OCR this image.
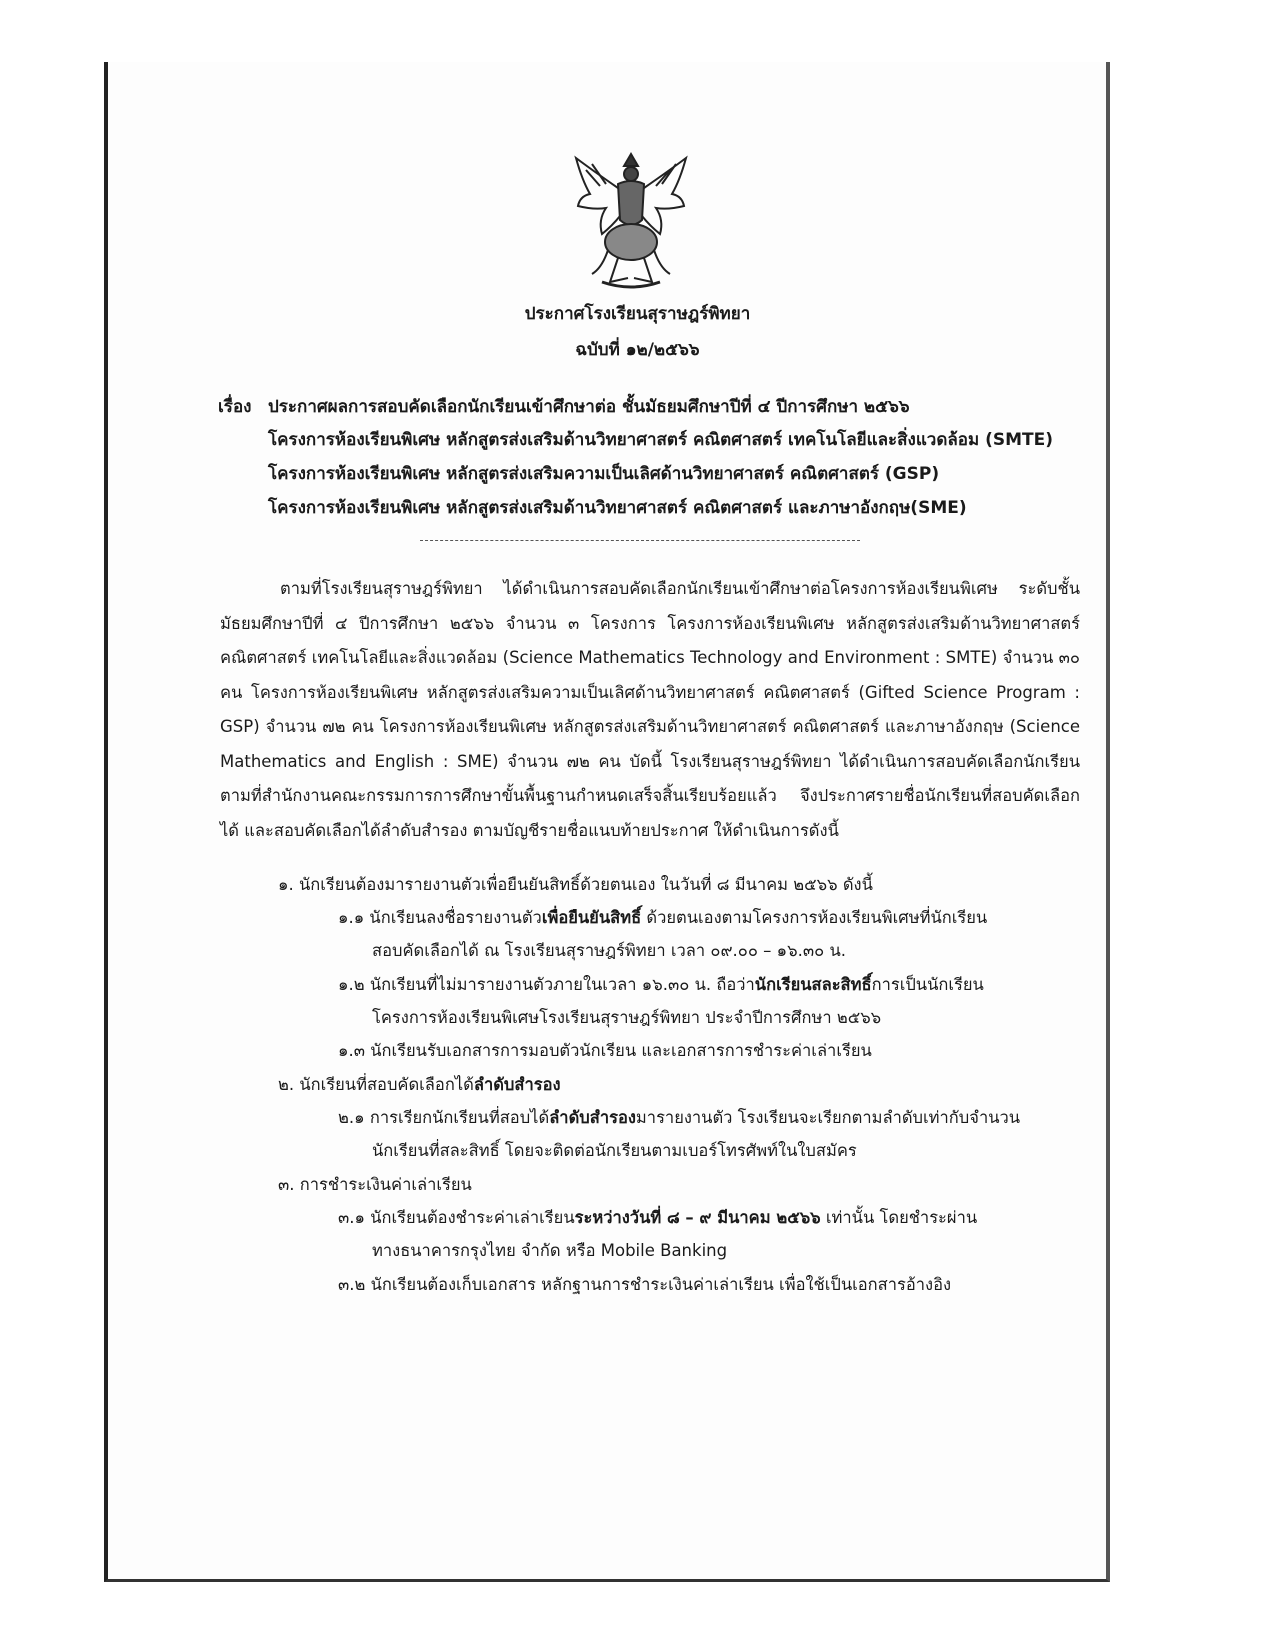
ประกาศโรงเรียนสุราษฎร์พิทยา
ฉบับที่ ๑๒/๒๕๖๖
เรื่อง ประกาศผลการสอบคัดเลือกนักเรียนเข้าศึกษาต่อ ชั้นมัธยมศึกษาปีที่ ๔ ปีการศึกษา ๒๕๖๖
โครงการห้องเรียนพิเศษ หลักสูตรส่งเสริมด้านวิทยาศาสตร์ คณิตศาสตร์ เทคโนโลยีและสิ่งแวดล้อม (SMTE)
โครงการห้องเรียนพิเศษ หลักสูตรส่งเสริมความเป็นเลิศด้านวิทยาศาสตร์ คณิตศาสตร์ (GSP)
โครงการห้องเรียนพิเศษ หลักสูตรส่งเสริมด้านวิทยาศาสตร์ คณิตศาสตร์ และภาษาอังกฤษ(SME)
ตามที่โรงเรียนสุราษฎร์พิทยา ได้ดำเนินการสอบคัดเลือกนักเรียนเข้าศึกษาต่อโครงการห้องเรียนพิเศษ ระดับชั้นมัธยมศึกษาปีที่ ๔ ปีการศึกษา ๒๕๖๖ จำนวน ๓ โครงการ โครงการห้องเรียนพิเศษ หลักสูตรส่งเสริมด้านวิทยาศาสตร์ คณิตศาสตร์ เทคโนโลยีและสิ่งแวดล้อม (Science Mathematics Technology and Environment : SMTE) จำนวน ๓๐ คน โครงการห้องเรียนพิเศษ หลักสูตรส่งเสริมความเป็นเลิศด้านวิทยาศาสตร์ คณิตศาสตร์ (Gifted Science Program : GSP) จำนวน ๗๒ คน โครงการห้องเรียนพิเศษ หลักสูตรส่งเสริมด้านวิทยาศาสตร์ คณิตศาสตร์ และภาษาอังกฤษ (Science Mathematics and English : SME) จำนวน ๗๒ คน บัดนี้ โรงเรียนสุราษฎร์พิทยา ได้ดำเนินการสอบคัดเลือกนักเรียน ตามที่สำนักงานคณะกรรมการการศึกษาขั้นพื้นฐานกำหนดเสร็จสิ้นเรียบร้อยแล้ว จึงประกาศรายชื่อนักเรียนที่สอบคัดเลือกได้ และสอบคัดเลือกได้ลำดับสำรอง ตามบัญชีรายชื่อแนบท้ายประกาศ ให้ดำเนินการดังนี้
๑. นักเรียนต้องมารายงานตัวเพื่อยืนยันสิทธิ์ด้วยตนเอง ในวันที่ ๘ มีนาคม ๒๕๖๖ ดังนี้
๑.๑ นักเรียนลงชื่อรายงานตัวเพื่อยืนยันสิทธิ์ ด้วยตนเองตามโครงการห้องเรียนพิเศษที่นักเรียน
สอบคัดเลือกได้ ณ โรงเรียนสุราษฎร์พิทยา เวลา ๐๙.๐๐ – ๑๖.๓๐ น.
๑.๒ นักเรียนที่ไม่มารายงานตัวภายในเวลา ๑๖.๓๐ น. ถือว่านักเรียนสละสิทธิ์การเป็นนักเรียน
โครงการห้องเรียนพิเศษโรงเรียนสุราษฎร์พิทยา ประจำปีการศึกษา ๒๕๖๖
๑.๓ นักเรียนรับเอกสารการมอบตัวนักเรียน และเอกสารการชำระค่าเล่าเรียน
๒. นักเรียนที่สอบคัดเลือกได้ลำดับสำรอง
๒.๑ การเรียกนักเรียนที่สอบได้ลำดับสำรองมารายงานตัว โรงเรียนจะเรียกตามลำดับเท่ากับจำนวน
นักเรียนที่สละสิทธิ์ โดยจะติดต่อนักเรียนตามเบอร์โทรศัพท์ในใบสมัคร
๓. การชำระเงินค่าเล่าเรียน
๓.๑ นักเรียนต้องชำระค่าเล่าเรียนระหว่างวันที่ ๘ – ๙ มีนาคม ๒๕๖๖ เท่านั้น โดยชำระผ่าน
ทางธนาคารกรุงไทย จำกัด หรือ Mobile Banking
๓.๒ นักเรียนต้องเก็บเอกสาร หลักฐานการชำระเงินค่าเล่าเรียน เพื่อใช้เป็นเอกสารอ้างอิง
